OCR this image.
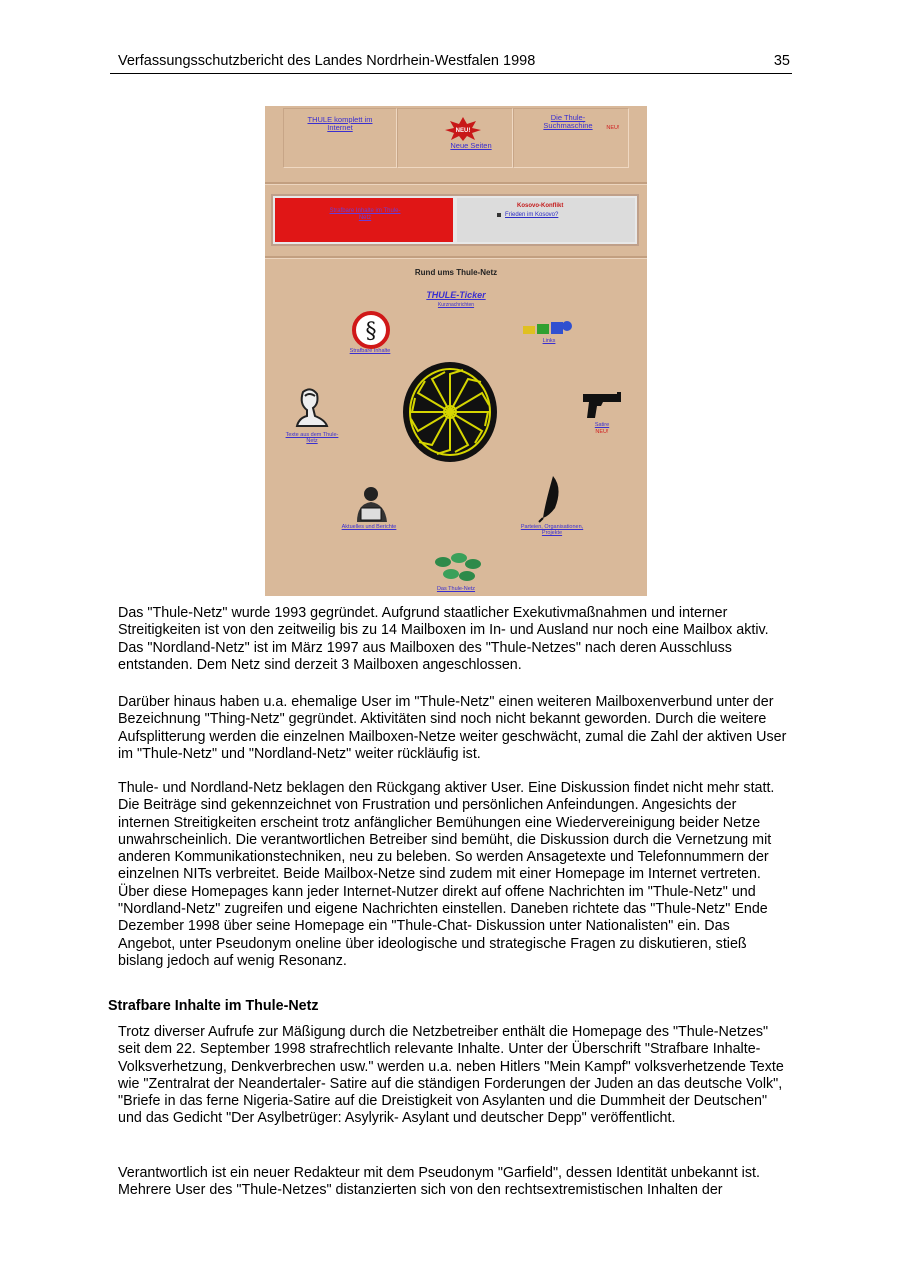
Verfassungsschutzbericht des Landes Nordrhein-Westfalen 1998	35
THULE komplett im Internet	NEU!
Neue Seiten
Die Thule-Suchmaschine	NEU!
Strafbare Inhalte im Thule-Netz
Kosovo-Konflikt
Frieden im Kosovo?
Rund ums Thule-Netz
THULE-Ticker
Kurznachrichten
§
Strafbare Inhalte
Links
Texte aus dem Thule-Netz
Satire
NEU!
Aktuelles und Berichte	Parteien, Organisationen, Projekte
Das Thule-Netz

Das "Thule-Netz" wurde 1993 gegründet. Aufgrund staatlicher Exekutivmaßnahmen und interner Streitigkeiten ist von den zeitweilig bis zu 14 Mailboxen im In- und Ausland nur noch eine Mailbox aktiv. Das "Nordland-Netz" ist im März 1997 aus Mailboxen des "Thule-Netzes" nach deren Ausschluss entstanden. Dem Netz sind derzeit 3 Mailboxen angeschlossen.

Darüber hinaus haben u.a. ehemalige User im "Thule-Netz" einen weiteren Mailboxenverbund unter der Bezeichnung "Thing-Netz" gegründet. Aktivitäten sind noch nicht bekannt geworden. Durch die weitere Aufsplitterung werden die einzelnen Mailboxen-Netze weiter geschwächt, zumal die Zahl der aktiven User im "Thule-Netz" und "Nordland-Netz" weiter rückläufig ist.

Thule- und Nordland-Netz beklagen den Rückgang aktiver User. Eine Diskussion findet nicht mehr statt. Die Beiträge sind gekennzeichnet von Frustration und persönlichen Anfeindungen. Angesichts der internen Streitigkeiten erscheint trotz anfänglicher Bemühungen eine Wiedervereinigung beider Netze unwahrscheinlich. Die verantwortlichen Betreiber sind bemüht, die Diskussion durch die Vernetzung mit anderen Kommunikationstechniken, neu zu beleben. So werden Ansagetexte und Telefonnummern der einzelnen NITs verbreitet. Beide Mailbox-Netze sind zudem mit einer Homepage im Internet vertreten. Über diese Homepages kann jeder Internet-Nutzer direkt auf offene Nachrichten im "Thule-Netz" und "Nordland-Netz" zugreifen und eigene Nachrichten einstellen. Daneben richtete das "Thule-Netz" Ende Dezember 1998 über seine Homepage ein "Thule-Chat- Diskussion unter Nationalisten" ein. Das Angebot, unter Pseudonym oneline über ideologische und strategische Fragen zu diskutieren, stieß bislang jedoch auf wenig Resonanz.

Strafbare Inhalte im Thule-Netz

Trotz diverser Aufrufe zur Mäßigung durch die Netzbetreiber enthält die Homepage des "Thule-Netzes" seit dem 22. September 1998 strafrechtlich relevante Inhalte. Unter der Überschrift "Strafbare Inhalte-Volksverhetzung, Denkverbrechen usw." werden u.a. neben Hitlers "Mein Kampf" volksverhetzende Texte wie "Zentralrat der Neandertaler- Satire auf die ständigen Forderungen der Juden an das deutsche Volk", "Briefe in das ferne Nigeria-Satire auf die Dreistigkeit von Asylanten und die Dummheit der Deutschen" und das Gedicht "Der Asylbetrüger: Asylyrik- Asylant und deutscher Depp" veröffentlicht.

Verantwortlich ist ein neuer Redakteur mit dem Pseudonym "Garfield", dessen Identität unbekannt ist. Mehrere User des "Thule-Netzes" distanzierten sich von den rechtsextremistischen Inhalten der
